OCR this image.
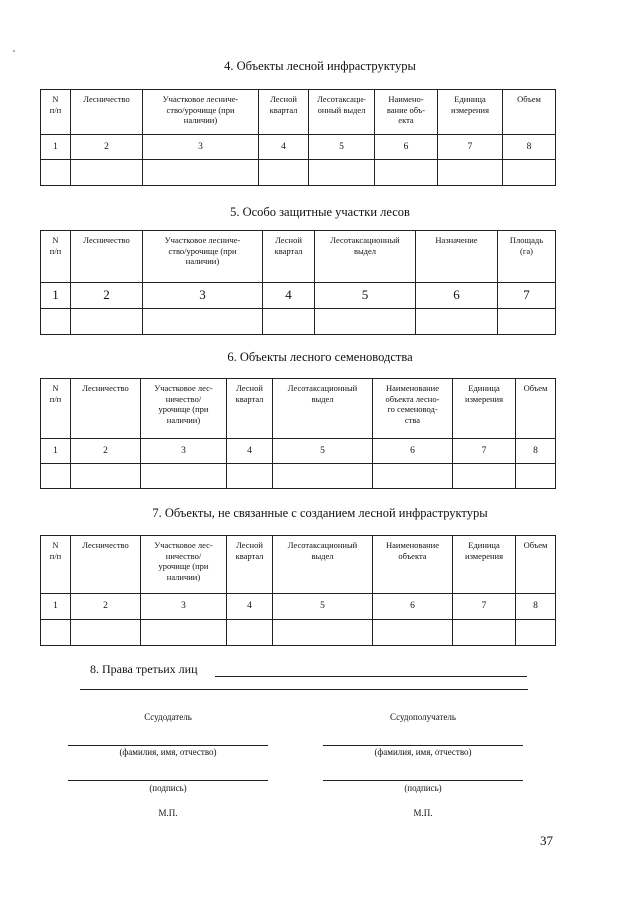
4. Объекты лесной инфраструктуры
N
п/п	Лесничество	Участковое лесниче-
ство/урочище (при
наличии)	Лесной
квартал	Лесотаксаци-
онный выдел	Наимено-
вание объ-
екта	Единица
измерения	Объем

1	2	3	4	5	6	7	8

5. Особо защитные участки лесов
N
п/п	Лесничество	Участковое лесниче-
ство/урочище (при
наличии)	Лесной
квартал	Лесотаксационный
выдел	Назначение	Площадь
(га)

1	2	3	4	5	6	7

6. Объекты лесного семеноводства
N
п/п	Лесничество	Участковое лес-
ничество/
урочище (при
наличии)	Лесной
квартал	Лесотаксационный
выдел	Наименование
объекта лесно-
го семеновод-
ства	Единица
измерения	Объем

1	2	3	4	5	6	7	8

7. Объекты, не связанные с созданием лесной инфраструктуры
N
п/п	Лесничество	Участковое лес-
ничество/
урочище (при
наличии)	Лесной
квартал	Лесотаксационный
выдел	Наименование
объекта	Единица
измерения	Объем

1	2	3	4	5	6	7	8

8. Права третьих лиц
Ссудодатель	Ссудополучатель
(фамилия, имя, отчество)	(фамилия, имя, отчество)
(подпись)	(подпись)
М.П.	М.П.
37
